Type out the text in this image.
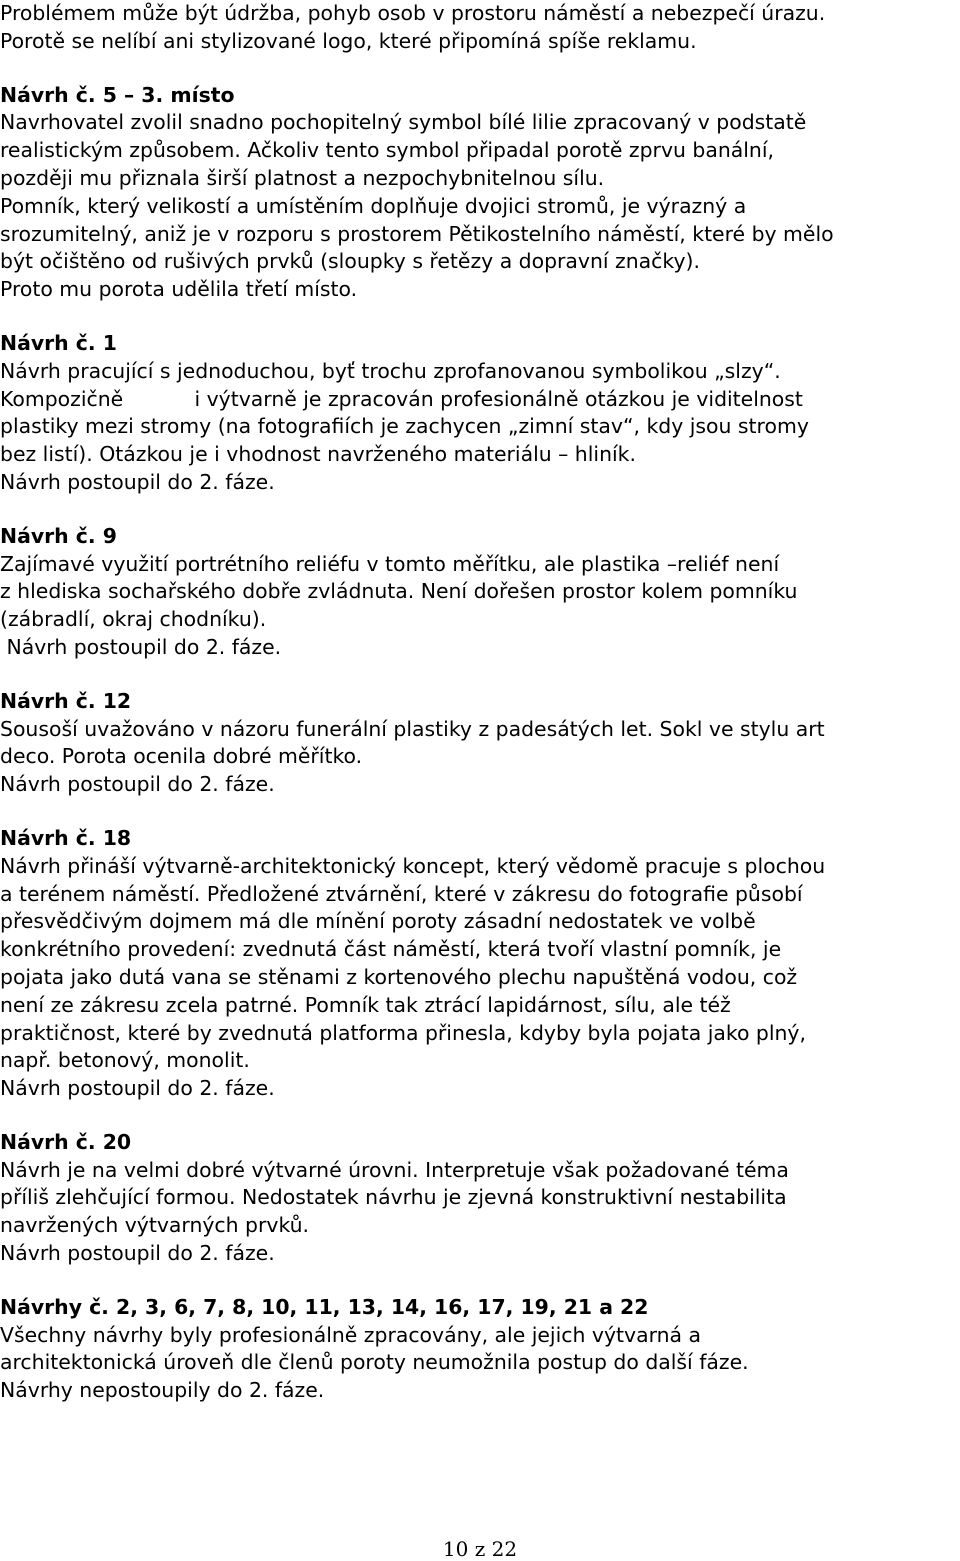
Problémem může být údržba, pohyb osob v prostoru náměstí a nebezpečí úrazu.
Porotě se nelíbí ani stylizované logo, které připomíná spíše reklamu.
Návrh č. 5 – 3. místo
Navrhovatel zvolil snadno pochopitelný symbol bílé lilie zpracovaný v podstatě
realistickým způsobem. Ačkoliv tento symbol připadal porotě zprvu banální,
později mu přiznala širší platnost a nezpochybnitelnou sílu.
Pomník, který velikostí a umístěním doplňuje dvojici stromů, je výrazný a
srozumitelný, aniž je v rozporu s prostorem Pětikostelního náměstí, které by mělo
být očištěno od rušivých prvků (sloupky s řetězy a dopravní značky).
Proto mu porota udělila třetí místo.
Návrh č. 1
Návrh pracující s jednoduchou, byť trochu zprofanovanou symbolikou „slzy“.
Kompozičně           i výtvarně je zpracován profesionálně otázkou je viditelnost
plastiky mezi stromy (na fotografiích je zachycen „zimní stav“, kdy jsou stromy
bez listí). Otázkou je i vhodnost navrženého materiálu – hliník.
Návrh postoupil do 2. fáze.
Návrh č. 9
Zajímavé využití portrétního reliéfu v tomto měřítku, ale plastika –reliéf není
z hlediska sochařského dobře zvládnuta. Není dořešen prostor kolem pomníku
(zábradlí, okraj chodníku).
Návrh postoupil do 2. fáze.
Návrh č. 12
Sousoší uvažováno v názoru funerální plastiky z padesátých let. Sokl ve stylu art
deco. Porota ocenila dobré měřítko.
Návrh postoupil do 2. fáze.
Návrh č. 18
Návrh přináší výtvarně-architektonický koncept, který vědomě pracuje s plochou
a terénem náměstí. Předložené ztvárnění, které v zákresu do fotografie působí
přesvědčivým dojmem má dle mínění poroty zásadní nedostatek ve volbě
konkrétního provedení: zvednutá část náměstí, která tvoří vlastní pomník, je
pojata jako dutá vana se stěnami z kortenového plechu napuštěná vodou, což
není ze zákresu zcela patrné. Pomník tak ztrácí lapidárnost, sílu, ale též
praktičnost, které by zvednutá platforma přinesla, kdyby byla pojata jako plný,
např. betonový, monolit.
Návrh postoupil do 2. fáze.
Návrh č. 20
Návrh je na velmi dobré výtvarné úrovni. Interpretuje však požadované téma
příliš zlehčující formou. Nedostatek návrhu je zjevná konstruktivní nestabilita
navržených výtvarných prvků.
Návrh postoupil do 2. fáze.
Návrhy č. 2, 3, 6, 7, 8, 10, 11, 13, 14, 16, 17, 19, 21 a 22
Všechny návrhy byly profesionálně zpracovány, ale jejich výtvarná a
architektonická úroveň dle členů poroty neumožnila postup do další fáze.
Návrhy nepostoupily do 2. fáze.
10 z 22
